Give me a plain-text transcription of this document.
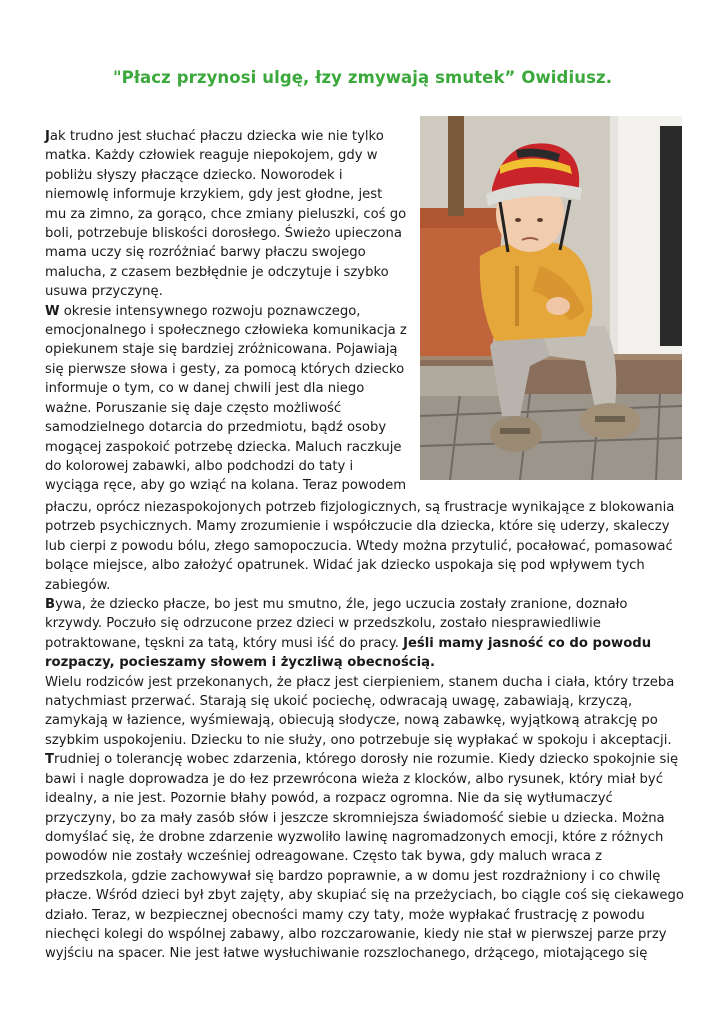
"Płacz przynosi ulgę, łzy zmywają smutek” Owidiusz.
Jak trudno jest słuchać płaczu dziecka wie nie tylko
matka. Każdy człowiek reaguje niepokojem, gdy w
pobliżu słyszy płaczące dziecko. Noworodek i
niemowlę informuje krzykiem, gdy jest głodne, jest
mu za zimno, za gorąco, chce zmiany pieluszki, coś go
boli, potrzebuje bliskości dorosłego. Świeżo upieczona
mama uczy się rozróżniać barwy płaczu swojego
malucha, z czasem bezbłędnie je odczytuje i szybko
usuwa przyczynę.
W okresie intensywnego rozwoju poznawczego,
emocjonalnego i społecznego człowieka komunikacja z
opiekunem staje się bardziej zróżnicowana. Pojawiają
się pierwsze słowa i gesty, za pomocą których dziecko
informuje o tym, co w danej chwili jest dla niego
ważne. Poruszanie się daje często możliwość
samodzielnego dotarcia do przedmiotu, bądź osoby
mogącej zaspokoić potrzebę dziecka. Maluch raczkuje
do kolorowej zabawki, albo podchodzi do taty i
wyciąga ręce, aby go wziąć na kolana. Teraz powodem
płaczu, oprócz niezaspokojonych potrzeb fizjologicznych, są frustracje wynikające z blokowania
potrzeb psychicznych. Mamy zrozumienie i współczucie dla dziecka, które się uderzy, skaleczy
lub cierpi z powodu bólu, złego samopoczucia. Wtedy można przytulić, pocałować, pomasować
bolące miejsce, albo założyć opatrunek. Widać jak dziecko uspokaja się pod wpływem tych
zabiegów.
Bywa, że dziecko płacze, bo jest mu smutno, źle, jego uczucia zostały zranione, doznało
krzywdy. Poczuło się odrzucone przez dzieci w przedszkolu, zostało niesprawiedliwie
potraktowane, tęskni za tatą, który musi iść do pracy. Jeśli mamy jasność co do powodu
rozpaczy, pocieszamy słowem i życzliwą obecnością.
Wielu rodziców jest przekonanych, że płacz jest cierpieniem, stanem ducha i ciała, który trzeba
natychmiast przerwać. Starają się ukoić pociechę, odwracają uwagę, zabawiają, krzyczą,
zamykają w łazience, wyśmiewają, obiecują słodycze, nową zabawkę, wyjątkową atrakcję po
szybkim uspokojeniu. Dziecku to nie służy, ono potrzebuje się wypłakać w spokoju i akceptacji.
Trudniej o tolerancję wobec zdarzenia, którego dorosły nie rozumie. Kiedy dziecko spokojnie się
bawi i nagle doprowadza je do łez przewrócona wieża z klocków, albo rysunek, który miał być
idealny, a nie jest. Pozornie błahy powód, a rozpacz ogromna. Nie da się wytłumaczyć
przyczyny, bo za mały zasób słów i jeszcze skromniejsza świadomość siebie u dziecka. Można
domyślać się, że drobne zdarzenie wyzwoliło lawinę nagromadzonych emocji, które z różnych
powodów nie zostały wcześniej odreagowane. Często tak bywa, gdy maluch wraca z
przedszkola, gdzie zachowywał się bardzo poprawnie, a w domu jest rozdrażniony i co chwilę
płacze. Wśród dzieci był zbyt zajęty, aby skupiać się na przeżyciach, bo ciągle coś się ciekawego
działo. Teraz, w bezpiecznej obecności mamy czy taty, może wypłakać frustrację z powodu
niechęci kolegi do wspólnej zabawy, albo rozczarowanie, kiedy nie stał w pierwszej parze przy
wyjściu na spacer. Nie jest łatwe wysłuchiwanie rozszlochanego, drżącego, miotającego się
